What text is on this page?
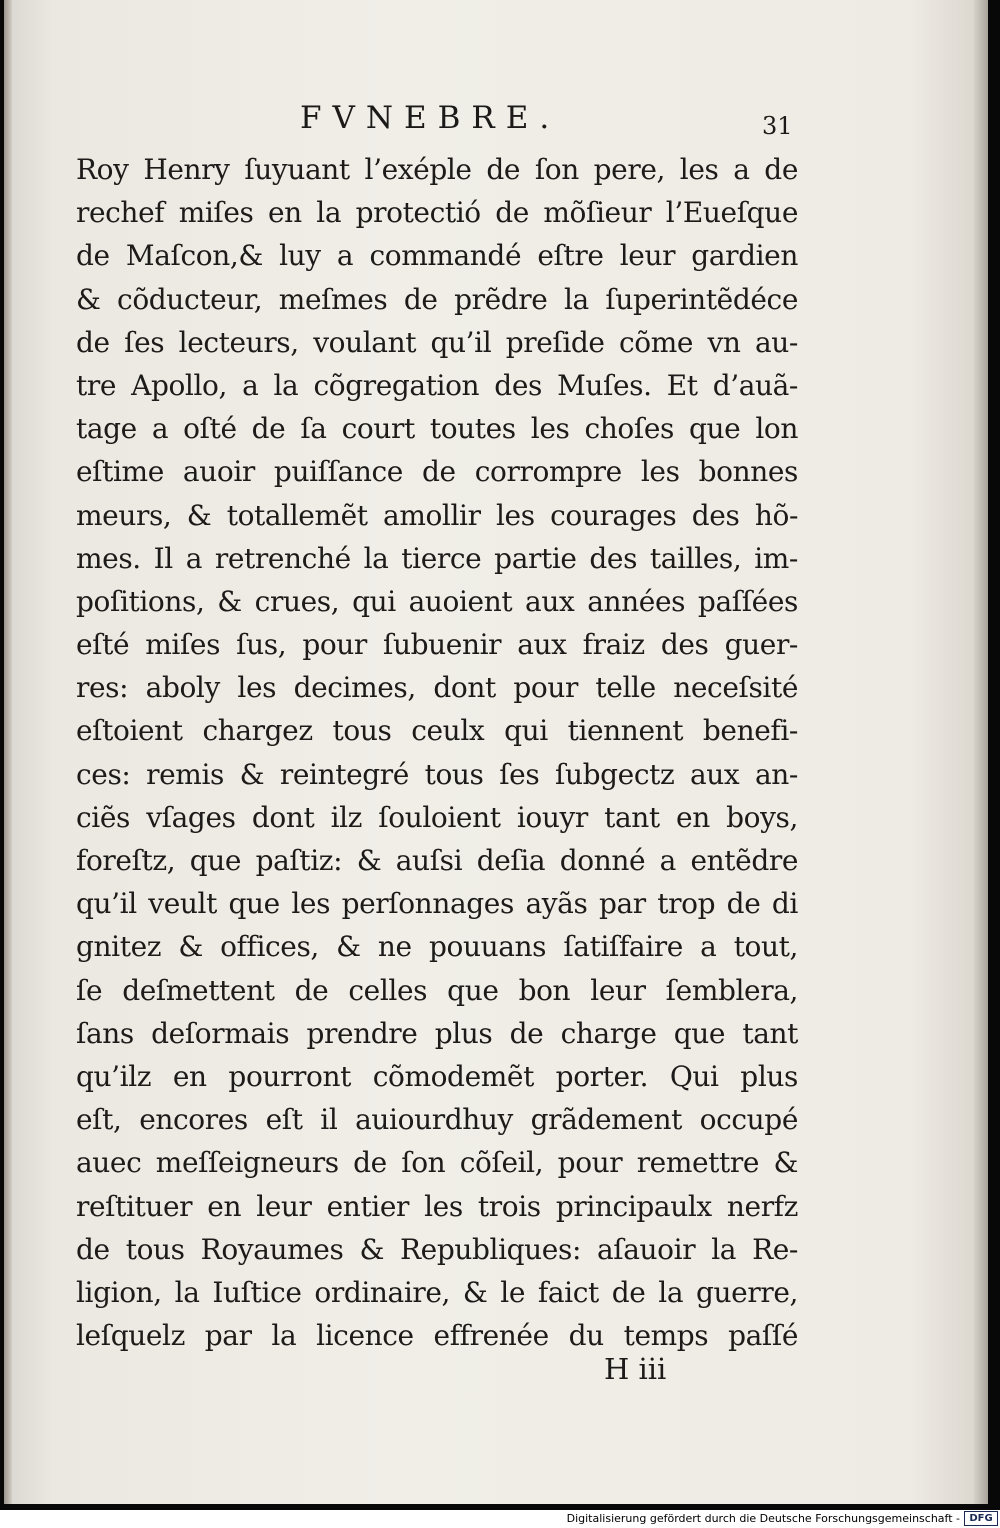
FVNEBRE.	31
Roy Henry ſuyuant l’exéple de ſon pere, les a de
rechef miſes en la protectió de mõſieur l’Eueſque
de Maſcon,& luy a commandé eſtre leur gardien
& cõducteur, meſmes de prẽdre la ſuperintẽdéce
de ſes lecteurs, voulant qu’il preſide cõme vn au-
tre Apollo, a la cõgregation des Muſes. Et d’auã-
tage a oſté de ſa court toutes les choſes que lon
eſtime auoir puiſſance de corrompre les bonnes
meurs, & totallemẽt amollir les courages des hõ-
mes. Il a retrenché la tierce partie des tailles, im-
poſitions, & crues, qui auoient aux années paſſées
eſté miſes ſus, pour ſubuenir aux fraiz des guer-
res: aboly les decimes, dont pour telle neceſsité
eſtoient chargez tous ceulx qui tiennent benefi-
ces: remis & reintegré tous ſes ſubgectz aux an-
ciẽs vſages dont ilz ſouloient iouyr tant en boys,
foreſtz, que paſtiz: & auſsi deſia donné a entẽdre
qu’il veult que les perſonnages ayãs par trop de di
gnitez & offices, & ne pouuans ſatiſfaire a tout,
ſe deſmettent de celles que bon leur ſemblera,
ſans deſormais prendre plus de charge que tant
qu’ilz en pourront cõmodemẽt porter. Qui plus
eſt, encores eſt il auiourdhuy grãdement occupé
auec meſſeigneurs de ſon cõſeil, pour remettre &
reſtituer en leur entier les trois principaulx nerfz
de tous Royaumes & Republiques: aſauoir la Re-
ligion, la Iuſtice ordinaire, & le faict de la guerre,
leſquelz par la licence effrenée du temps paſſé
H iii
Digitalisierung gefördert durch die Deutsche Forschungsgemeinschaft - DFG
